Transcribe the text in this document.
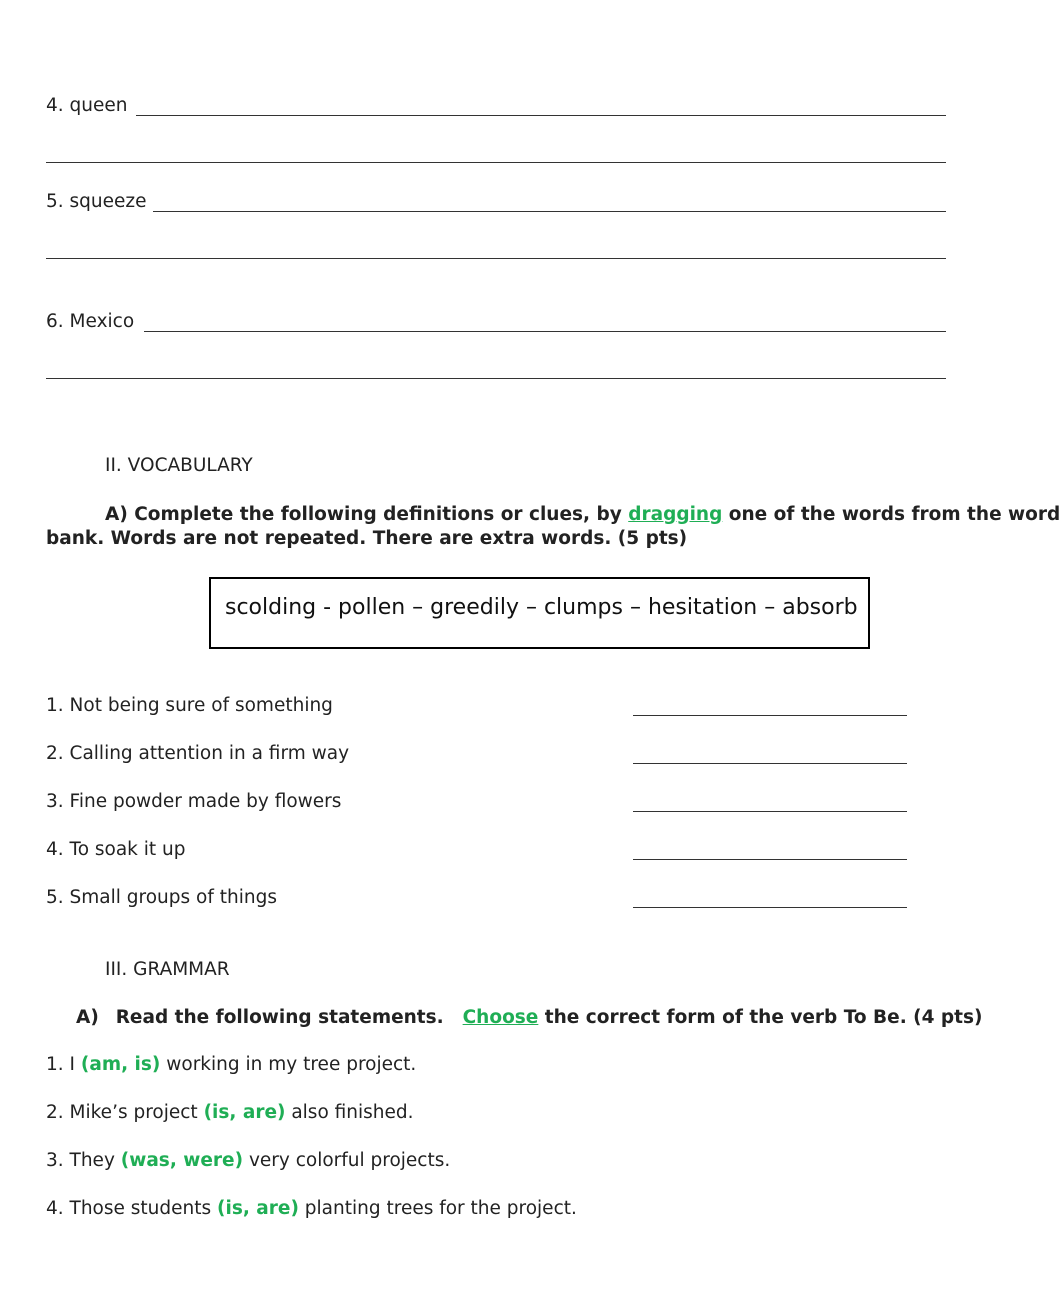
4. queen
5. squeeze
6. Mexico
II. VOCABULARY
A) Complete the following definitions or clues, by dragging one of the words from the word
bank. Words are not repeated. There are extra words. (5 pts)
scolding - pollen – greedily – clumps – hesitation – absorb
1. Not being sure of something
2. Calling attention in a firm way
3. Fine powder made by flowers
4. To soak it up
5. Small groups of things
III. GRAMMAR
A) Read the following statements. Choose the correct form of the verb To Be. (4 pts)
1. I (am, is) working in my tree project.
2. Mike’s project (is, are) also finished.
3. They (was, were) very colorful projects.
4. Those students (is, are) planting trees for the project.
